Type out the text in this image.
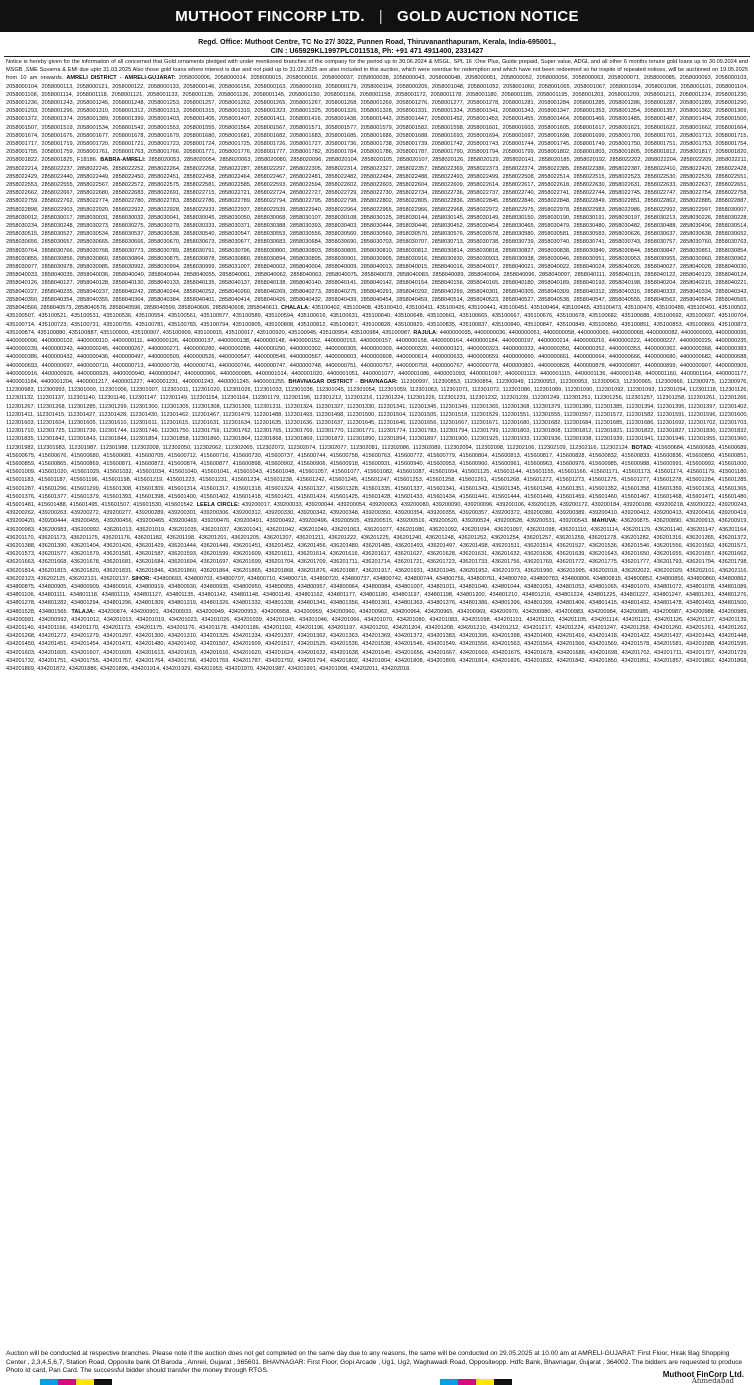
MUTHOOT FINCORP LTD. | GOLD AUCTION NOTICE
Regd. Office: Muthoot Centre, TC No 27/ 3022, Punnen Road, Thiruvananthapuram, Kerala, India-695001.,
CIN : U65929KL1997PLC011518, Ph: +91 471 4911400, 2331427

Notice is hereby given for the information of all concerned that Gold ornaments pledged with under mentioned branches of the company for the period up to 30.06.2024 & MSGL, SPL 16 :One Plus, Guide prepaid, Super value, ADGL and all other 6 months tenure gold loans up to 30.09.2024 and MSGB ,SME Suvarna & EMI due upto 31.03.2025 Also those gold loans where interest is due and not paid up to 31.03.2025 are also included in this auction, which were overdue for redemption and which have not been redeemed so far inspite of repeated notices, will be auctioned on 19.05.2025 from 10 am onwards. AMRELI DISTRICT - AMRELI-GUJARAT: 2058000006, 2058000014, 2058000015, 2058000016, 2058000037, 2058000038, 2058000043, 2058000048, 2058000051, 2058000052, 2058000056, 2058000063, 2058000071, 2058000085, 2058000093, 2058000103, 2058000104, 2058000113, 2058000121, 2058000122, 2058000133, 2058000146, 2058000156, 2058000163, 2058000169, 2058000179, 2058000194, 2058000205, 2058001048, 2058001052, 2058001060, 2058001065, 2058001067, 2058001094, 2058001098, 2058001101, 2058001104, 2058001108, 2058001114, 2058001118, 2058001121, 2058001133, 2058001135, 2058001136, 2058001145, 2058001150, 2058001156, 2058001158, 2058001172, 2058001178, 2058001180, 2058001185, 2058001195, 2058001203, 2058001209, 2058001211, 2058001224, 2058001230, 2058001236, 2058001243, 2058001245, 2058001248, 2058001253, 2058001257, 2058001262, 2058001265, 2058001267, 2058001268, 2058001269, 2058001276, 2058001277, 2058001278, 2058001281, 2058001284, 2058001285, 2058001286, 2058001287, 2058001289, 2058001290, 2058001293, 2058001296, 2058001310, 2058001312, 2058001313, 2058001315, 2058001319, 2058001323, 2058001325, 2058001326, 2058001328, 2058001331, 2058001334, 2058001341, 2058001343, 2058001347, 2058001353, 2058001354, 2058001357, 2058001362, 2058001369, 2058001372, 2058001374, 2058001389, 2058001399, 2058001403, 2058001405, 2058001407, 2058001411, 2058001416, 2058001438, 2058001443, 2058001447, 2058001452, 2058001453, 2058001455, 2058001464, 2058001466, 2058001485, 2058001487, 2058001494, 2058001500, 2058001507, 2058001519, 2058001534, 2058001542, 2058001553, 2058001555, 2058001564, 2058001567, 2058001571, 2058001577, 2058001579, 2058001582, 2058001598, 2058001601, 2058001603, 2058001605, 2058001617, 2058001621, 2058001622, 2058001662, 2058001664, 2058001674, 2058001676, 2058001677, 2058001678, 2058001679, 2058001680, 2058001681, 2058001682, 2058001683, 2058001685, 2058001686, 2058001688, 2058001693, 2058001694, 2058001697, 2058001698, 2058001699, 2058001700, 2058001701, 2058001713, 2058001715, 2058001717, 2058001719, 2058001720, 2058001721, 2058001723, 2058001724, 2058001725, 2058001726, 2058001727, 2058001736, 2058001738, 2058001739, 2058001742, 2058001743, 2058001744, 2058001745, 2058001749, 2058001750, 2058001751, 2058001753, 2058001754, 2058001755, 2058001759, 2058001761, 2058001763, 2058001766, 2058001771, 2058001776, 2058001777, 2058001782, 2058001784, 2058001786, 2058001787, 2058001790, 2058001794, 2058001799, 2058001802, 2058001803, 2058001805, 2058001812, 2058001817, 2058001820, 2058001822, 2058001825, F18186. BABRA-AMRELI: 2858020053, 2858020054, 2858020063, 2858020080, 2858020096, 2858020104, 2858020105, 2858020107, 2858020126, 2858020129, 2858020141, 2858020185, 2858020192, 2858022202, 2858022204, 2858022209, 2858022211, 2858022214, 2858022237, 2858022245, 2858022252, 2858022264, 2858022268, 2858022287, 2858022297, 2858022305, 2858022314, 2858022327, 2858022357, 2858022369, 2858022373, 2858022374, 2858022385, 2858022386, 2858022387, 2858022410, 2858022420, 2858022428, 2858022429, 2858022440, 2858022449, 2858022450, 2858022451, 2858022458, 2858022464, 2858022467, 2858022481, 2858022482, 2858022484, 2858022488, 2858022493, 2858022499, 2858022508, 2858022514, 2858022515, 2858022523, 2858022530, 2858022539, 2858022551, 2858022553, 2858022555, 2858022567, 2858022572, 2858022575, 2858022581, 2858022585, 2858022593, 2858022594, 2858022602, 2858022603, 2858022604, 2858022609, 2858022614, 2858022617, 2858022618, 2858022630, 2858022631, 2858022633, 2858022637, 2858022651, 2858022662, 2858022667, 2858022680, 2858022683, 2858022691, 2858022715, 2858022721, 2858022724, 2858022727, 2858022729, 2858022730, 2858022734, 2858022736, 2858022737, 2858022740, 2858022741, 2858022744, 2858022745, 2858022747, 2858022754, 2858022758, 2858022759, 2858022762, 2858022774, 2858022780, 2858022783, 2858022786, 2858022789, 2858022794, 2858022795, 2858022798, 2858022802, 2858022805, 2858022836, 2858022845, 2858022846, 2858022848, 2858022849, 2858022851, 2858022862, 2858022885, 2858022887, 2858022898, 2858022903, 2858022920, 2858022922, 2858022928, 2858022933, 2858022937, 2858022939, 2858022940, 2858022964, 2858022965, 2858022966, 2858022968, 2858022972, 2858022975, 2858022978, 2858022983, 2858022986, 2858022992, 2858022997, 2858030007, 2858030012, 2858030017, 2858030031, 2858030032, 2858030041, 2858030045, 2858030050, 2858030068, 2858030107, 2858030108, 2858030125, 2858030144, 2858030145, 2858030149, 2858030150, 2858030190, 2858030191, 2858030197, 2858030213, 2858030226, 2858030228, 2858030234, 2858030248, 2858030273, 2858030275, 2858030279, 2858030333, 2858030371, 2858030388, 2858030393, 2858030403, 2858030444, 2858030446, 2858030452, 2858030454, 2858030465, 2858030479, 2858030480, 2858030482, 2858030488, 2858030496, 2858030514, 2858030515, 2858030527, 2858030534, 2858030537, 2858030538, 2858030540, 2858030547, 2858030553, 2858030556, 2858030560, 2858030569, 2858030570, 2858030576, 2858030578, 2858030580, 2858030581, 2858030583, 2858030626, 2858030637, 2858030638, 2858030652, 2858030656, 2858030657, 2858030665, 2858030666, 2858030670, 2858030673, 2858030677, 2858030683, 2858030684, 2858030690, 2858030703, 2858030707, 2858030713, 2858030738, 2858030739, 2858030740, 2858030741, 2858030743, 2858030757, 2858030760, 2858030763, 2858030764, 2858030766, 2858030768, 2858030773, 2858030789, 2858030791, 2858030796, 2858030800, 2858030803, 2858030805, 2858030810, 2858030812, 2858030814, 2858030818, 2858030827, 2858030838, 2858030840, 2858030844, 2858030847, 2858030851, 2858030854, 2858030855, 2858030856, 2858030860, 2858030864, 2858030875, 2858030878, 2858030880, 2858030894, 2858030895, 2858030901, 2858030905, 2858030916, 2858030930, 2858030933, 2858030938, 2858030946, 2858030951, 2858030953, 2858030955, 2858030960, 2858030962, 2858030977, 2858030978, 2858030985, 2858030992, 2858030994, 2858030999, 2858031007, 2858040002, 2858040004, 2858040009, 2858040013, 2858040015, 2858040016, 2858040017, 2858040021, 2858040022, 2858040024, 2858040026, 2858040027, 2858040028, 2858040030, 2858040033, 2858040035, 2858040036, 2858040040, 2858040044, 2858040055, 2858040061, 2858040062, 2858040063, 2858040075, 2858040078, 2858040083, 2858040089, 2858040094, 2858040096, 2858040097, 2858040111, 2858040115, 2858040122, 2858040123, 2858040124, 2858040126, 2858040127, 2858040128, 2858040130, 2858040133, 2858040135, 2858040137, 2858040138, 2858040140, 2858040141, 2858040142, 2858040154, 2858040156, 2858040165, 2858040180, 2858040189, 2858040193, 2858040198, 2858040204, 2858040215, 2858040221, 2858040227, 2858040235, 2858040237, 2858040242, 2858040244, 2858040252, 2858040260, 2858040269, 2858040273, 2858040275, 2858040291, 2858040292, 2858040299, 2858040301, 2858040305, 2858040309, 2858040312, 2858040316, 2858040332, 2858040334, 2858040343, 2858040350, 2858040354, 2858040355, 2858040364, 2858040384, 2858040401, 2858040414, 2858040426, 2858040432, 2858040439, 2858040454, 2858040459, 2858040514, 2858040523, 2858040527, 2858040538, 2858040547, 2858040555, 2858040562, 2858040564, 2858040565, 2858040566, 2858040573, 2858040578, 2858040596, 2858040599, 2858040606, 2858040608, 2858040611. CHALALA: 435100402, 435100408, 435100410, 435100411, 435100426, 435100441, 435100451, 435100464, 435100465, 435100473, 435100476, 435100489, 435100491, 435100502, 435100507, 435100521, 435100531, 435100536, 435100554, 435100561, 435100577, 435100589, 435100594, 435100616, 435100631, 435100640, 435100648, 435100661, 435100665, 435100667, 435100676, 435100678, 435100682, 435100688, 435100692, 435100697, 435100704, 435100714, 435100723, 435100731, 435100755, 435100781, 435100783, 435100794, 435100805, 435100808, 435100812, 435100827, 435100828, 435100829, 435100835, 435100837, 435100840, 435100847, 435100849, 435100850, 435100851, 435100853, 435100869, 435100873, 435100874, 435100880, 435100887, 435100900, 435100907, 435100909, 435100915, 435100917, 435100920, 435100945, 435100954, 435100984, 435100987. RAJULA: 4400000035, 4400000036, 4400000051, 4400000058, 4400000065, 4400000068, 4400000082, 4400000093, 4400000095, 4400000096, 4400000102, 4400000110, 4400000111, 4400000126, 4400000137, 4400000138, 4400000148, 4400000152, 4400000153, 4400000157, 4400000158, 4400000164, 4400000184, 4400000197, 4400000214, 4400000216, 4400000222, 4400000227, 4400000229, 4400000235, 4400000239, 4400000243, 4400000245, 4400000267, 4400000271, 4400000280, 4400000288, 4400000290, 4400000302, 4400000305, 4400000309, 4400000320, 4400000321, 4400000323, 4400000333, 4400000350, 4400000352, 4400000353, 4400000362, 4400000368, 4400000383, 4400000386, 4400000432, 4400000436, 4400000497, 4400000509, 4400000526, 4400000547, 4400000549, 4400000567, 4400000603, 4400000608, 4400000614, 4400000633, 4400000659, 4400000660, 4400000661, 4400000664, 4400000666, 4400000680, 4400000682, 4400000688, 4400000693, 4400000697, 4400000710, 4400000713, 4400000739, 4400000741, 4400000746, 4400000747, 4400000748, 4400000751, 4400000757, 4400000759, 4400000767, 4400000778, 4400000801, 4400000828, 4400000878, 4400000897, 4400000899, 4400000907, 4400000909, 4400000916, 4400000926, 4400000929, 4400000940, 4400000947, 4400000966, 4400000985, 4400001014, 4400001020, 4400001051, 4400001077, 4400001086, 4400001093, 4400001097, 4400001113, 4400001115, 4400001136, 4400001148, 4400001160, 4400001164, 4400001177, 4400001184, 4400001204, 4400001217, 4400001227, 4400001231, 4400001243, 4400001245, 4400001255. BHAVNAGAR DISTRICT - BHAVNAGAR: 112300997, 112300853, 112300854, 112300949, 112300952, 112300953, 112300963, 112300965, 112300966, 112300975, 112300976, 112300983, 112300993, 112301000, 112301006, 112301007, 112301011, 112301020, 112301026, 112301033, 112301038, 112301045, 112301054, 112301059, 112301063, 112301071, 112301072, 112301086, 112301089, 112301090, 112301092, 112301093, 112301094, 112301118, 112301126, 112301132, 112301137, 112301140, 112301146, 112301147, 112301149, 112301154, 112301164, 112301179, 112301196, 112301212, 112301216, 112301224, 112301226, 112301231, 112301232, 112301239, 112301249, 112301251, 112301256, 112301257, 112301258, 112301261, 112301266, 112301267, 112301268, 112301285, 112301299, 112301300, 112301305, 112301308, 112301309, 112301311, 112301324, 112301327, 112301330, 112301341, 112301345, 112301349, 112301365, 112301368, 112301379, 112301380, 112301385, 112301394, 112301395, 112301397, 112301402, 112301411, 112301415, 112301427, 112301428, 112301430, 112301462, 112301467, 112301479, 112301488, 112301493, 112301498, 112301500, 112301504, 112301505, 112301518, 112301529, 112301551, 112301555, 112301557, 112301572, 112301582, 112301591, 112301596, 112301600, 112301603, 112301604, 112301605, 112301610, 112301611, 112301615, 112301631, 112301634, 112301635, 112301636, 112301637, 112301645, 112301646, 112301656, 112301667, 112301671, 112301680, 112301682, 112301684, 112301685, 112301686, 112301692, 112301702, 112301703, 112301710, 112301725, 112301739, 112301744, 112301746, 112301750, 112301759, 112301762, 112301765, 112301769, 112301770, 112301771, 112301774, 112301783, 112301794, 112301799, 112301803, 112301808, 112301812, 112301821, 112301822, 112301827, 112301830, 112301832, 112301835, 112301842, 112301843, 112301844, 112301854, 112301858, 112301860, 112301864, 112301868, 112301869, 112301872, 112301890, 112301894, 112301897, 112301900, 112301925, 112301933, 112301936, 112301938, 112301939, 112301941, 112301946, 112301955, 112301960, 112301982, 112301983, 112301987, 112301988, 112302008, 112302050, 112302062, 112302065, 112302072, 112302074, 112302077, 112302081, 112302086, 112302089, 112302094, 112302098, 112302106, 112302109, 112302116, 112302124. BOTAD: 415600684, 415600685, 415600689, 415600675, 415600676, 415600680, 415600681, 415600705, 415600712, 415600716, 415600730, 415600737, 415600744, 415600758, 415600763, 415600772, 415600779, 415600804, 415600813, 415600817, 415600828, 415600832, 415600833, 415600836, 415600850, 415600851, 415600859, 415600865, 415600869, 415600871, 415600872, 415600874, 415600877, 415600898, 415600902, 415600906, 415600918, 415600931, 415600940, 415600953, 415600960, 415600961, 415600963, 415600976, 415600985, 415600988, 415600991, 415600992, 415601000, 415601009, 415601020, 415601029, 415601032, 415601034, 415601040, 415601041, 415601043, 415601048, 415601057, 415601077, 415601082, 415601087, 415601094, 415601125, 415601144, 415601155, 415601166, 415601171, 415601173, 415601174, 415601179, 415601180, 415601183, 415601187, 415601196, 415601198, 415601219, 415601223, 415601231, 415601234, 415601238, 415601242, 415601245, 415601247, 415601253, 415601258, 415601261, 415601268, 415601272, 415601273, 415601275, 415601277, 415601278, 415601284, 415601285, 415601287, 415601296, 415601299, 415601308, 415601309, 415601314, 415601317, 415601318, 415601324, 415601327, 415601328, 415601335, 415601337, 415601341, 415601343, 415601345, 415601348, 415601351, 415601352, 415601358, 415601359, 415601363, 415601365, 415601376, 415601377, 415601379, 415601393, 415601398, 415601400, 415601402, 415601418, 415601421, 415601424, 415601425, 415601428, 415601433, 415601434, 415601441, 415601444, 415601449, 415601459, 415601460, 415601467, 415601468, 415601471, 415601480, 415601481, 415601488, 415601495, 415601507, 415601530, 415601542. LEELA CIRCLE: 439200017, 439200033, 439200044, 439200054, 439200063, 439200080, 439200090, 439200096, 439200106, 439200135, 439200172, 439200184, 439200188, 439200218, 439200222, 439200243, 439200262, 439200263, 439200272, 439200277, 439200289, 439200301, 439200306, 439200312, 439200330, 439200342, 439200348, 439200350, 439200354, 439200355, 439200357, 439200372, 439200380, 439200389, 439200410, 439200412, 439200413, 439200416, 439200419, 439200420, 439200444, 439200455, 439200456, 439200465, 439200469, 439200476, 439200491, 439200492, 439200496, 439200505, 439200515, 439200516, 439200520, 439200524, 439200528, 439200531, 439200543. MAHUVA: 436200875, 436200890, 436200913, 436200919, 436200983, 436200983, 436200992, 436201013, 436201019, 436201035, 436201037, 436201041, 436201042, 436201049, 436201063, 436201077, 436201080, 436201092, 436201094, 436201097, 436201098, 436201110, 436201114, 436201129, 436201140, 436201147, 436201164, 436201170, 436201173, 436201175, 436201176, 436201182, 436201198, 436201201, 436201205, 436201207, 436201211, 436201222, 436201225, 436201240, 436201248, 436201252, 436201254, 436201257, 436201259, 436201278, 436201282, 436201316, 436201365, 436201372, 436201388, 436201390, 436201404, 436201426, 436201429, 436201444, 436201449, 436201451, 436201452, 436201456, 436201480, 436201485, 436201493, 436201497, 436201498, 436201511, 436201514, 436201527, 436201536, 436201546, 436201556, 436201562, 436201571, 436201573, 436201577, 436201579, 436201581, 436201587, 436201593, 436201599, 436201609, 436201611, 436201614, 436201616, 436201617, 436201627, 436201628, 436201631, 436201632, 436201636, 436201639, 436201643, 436201650, 436201655, 436201657, 436201662, 436201663, 436201668, 436201678, 436201681, 436201684, 436201694, 436201697, 436201699, 436201704, 436201709, 436201711, 436201714, 436201721, 436201723, 436201733, 436201756, 436201769, 436201772, 436201775, 436201777, 436201793, 436201794, 436201798, 436201814, 436201815, 436201820, 436201831, 436201846, 436201860, 436201864, 436201865, 436201868, 436201876, 436201887, 436201917, 436201931, 436201945, 436201952, 436201973, 436201990, 436201995, 436202018, 436202022, 436202029, 436202101, 436202116, 436202123, 436202125, 436202131, 436202137. SIHOR: 434800693, 434800703, 434800707, 434800710, 434800715, 434800720, 434800737, 434800742, 434800744, 434800756, 434800761, 434800769, 434800783, 434800806, 434800815, 434800852, 434800856, 434800860, 434800862, 434800875, 434800905, 434800909, 434800916, 434800919, 434800930, 434800935, 434800950, 434800955, 434800957, 434800964, 434800984, 434801007, 434801011, 434801040, 434801044, 434801051, 434801053, 434801065, 434801070, 434801072, 434801078, 434801089, 434801106, 434801111, 434801118, 434801119, 434801127, 434801135, 434801142, 434801148, 434801149, 434801162, 434801177, 434801180, 434801197, 434801198, 434801200, 434801210, 434801216, 434801224, 434801225, 434801227, 434801247, 434801261, 434801276, 434801278, 434801282, 434801294, 434801296, 434801309, 434801319, 434801326, 434801332, 434801338, 434801341, 434801356, 434801361, 434801363, 434801376, 434801386, 434801396, 434801399, 434801406, 434801415, 434801432, 434801478, 434801493, 434801500, 434801528, 434801565. TALAJA: 434200874, 434200901, 434200933, 434200949, 434200953, 434200958, 434200959, 434200960, 434200962, 434200964, 434200965, 434200969, 434200970, 434200980, 434200983, 434200984, 434200985, 434200987, 434200988, 434200989, 434200991, 434200992, 434201012, 434201013, 434201019, 434201023, 434201026, 434201039, 434201045, 434201046, 434201066, 434201070, 434201080, 434201083, 434201098, 434201101, 434201103, 434201105, 434201114, 434201121, 434201126, 434201127, 434201139, 434201140, 434201166, 434201170, 434201173, 434201175, 434201176, 434201178, 434201186, 434201192, 434201196, 434201197, 434201202, 434201204, 434201208, 434201210, 434201212, 434201217, 434201224, 434201247, 434201258, 434201260, 434201261, 434201262, 434201268, 434201272, 434201279, 434201297, 434201300, 434201310, 434201325, 434201334, 434201337, 434201362, 434201363, 434201369, 434201372, 434201383, 434201395, 434201398, 434201400, 434201416, 434201418, 434201422, 434201437, 434201443, 434201448, 434201450, 434201451, 434201454, 434201471, 434201480, 434201492, 434201507, 434201509, 434201517, 434201525, 434201536, 434201538, 434201546, 434201549, 434201556, 434201563, 434201564, 434201566, 434201569, 434201578, 434201581, 434201588, 434201595, 434201603, 434201605, 434201607, 434201609, 434201613, 434201615, 434201616, 434201620, 434201624, 434201632, 434201638, 434201645, 434201656, 434201667, 434201669, 434201675, 434201678, 434201686, 434201698, 434201702, 434201711, 434201727, 434201729, 434201732, 434201751, 434201755, 434201757, 434201764, 434201766, 434201769, 434201787, 434201792, 434201794, 434201802, 434201804, 434201808, 434201809, 434201814, 434201826, 434201832, 434201842, 434201850, 434201851, 434201857, 434201862, 434201868, 434201869, 434201872, 434201886, 434201896, 434201914, 434201929, 434201953, 434201970, 434201987, 434201991, 434201998, 434202011, 434202018.

Auction will be conducted at respective branches. Please note if the auction does not get completed on the same day due to any reasons, the same will be conducted on 29.05.2025 at 10.00 am at AMRELI-GUJARAT: First Floor, Hirak Bag Shopping Center , 2,3,4,5,6,7, Station Road, Opposite bank Of Baroda , Amreli, Gujarat , 365601. BHAVNAGAR: First Floor, Gopi Arcade , Ug1, Ug2, Waghawadi Road, Oppositeopp. Hdfc Bank, Bhavnagar, Gujarat , 364002. The bidders are requested to produce Photo Id card, Pan Card. The successful bidder should transfer the money through RTGS.	Muthoot FinCorp Ltd.
Ahmedabad
